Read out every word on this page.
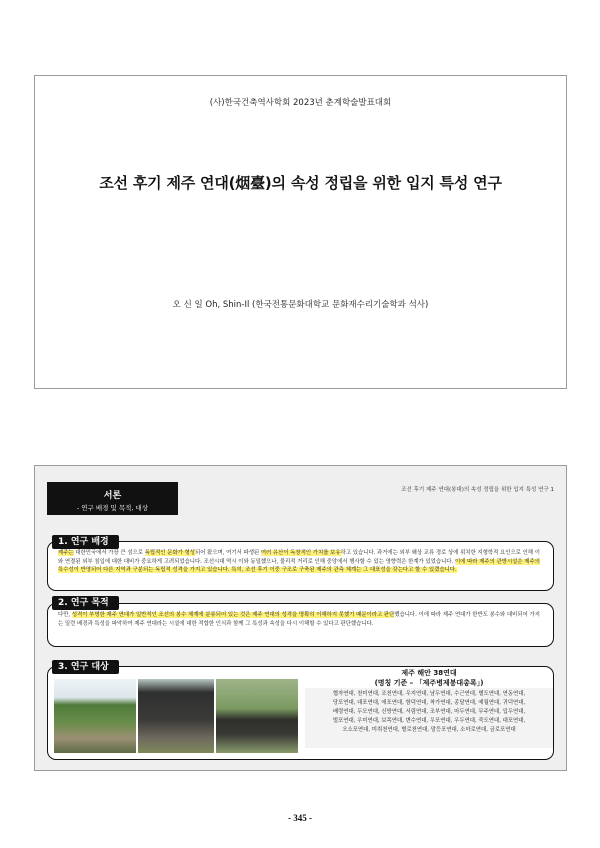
(사)한국건축역사학회 2023년 춘계학술발표대회
조선 후기 제주 연대(烟臺)의 속성 정립을 위한 입지 특성 연구
오 신 일 Oh, Shin-Il (한국전통문화대학교 문화재수리기술학과 석사)
서론
- 연구 배경 및 목적, 대상
조선 후기 제주 연대(봉대)의 속성 정립을 위한 입지 특성 연구 1
1. 연구 배경
제주는 대한민국에서 가장 큰 섬으로 독립적인 문화가 형성되어 왔으며, 여기서 파생된 여러 유산이 독창적인 가치를 보유하고 있습니다. 과거에는 외부 왜상 교류 경로 상에 위치한 지형학적 요인으로 인해 이와 연결된 외부 침입에 대한 대비가 중요하게 고려되었습니다. 조선시대 역시 이와 동일했으나, 물리적 거리로 인해 중앙에서 행사할 수 있는 영향력은 한계가 있었습니다. 이에 따라 제주의 관방시설은 제주의 특수성이 반영되어 다른 지역과 구분되는 독립적 성격을 가지고 있습니다. 특히, 조선 후기 이중 구조로 구축된 제주의 관측 체계는 그 대표성을 갖는다고 할 수 있겠습니다.
2. 연구 목적
다만, 성격이 부명한 제주 연대가 일반적인 조선의 봉수 체계에 분류되어 있는 것은 제주 연대의 성격을 명확히 이해하지 못했기 때문이라고 판단했습니다. 이에 따라 제주 연대가 한반도 봉수와 대비되어 가지는 일련 배경과 특성을 파악하여 제주 연대라는 시설에 대한 적합한 인식과 함께 그 특성과 속성을 다시 이해할 수 있다고 판단했습니다.
3. 연구 대상
제주 해안 38연대
(명칭 기준 – 「제주병제봉대총록」)
협자연대, 천미연대, 조천연대, 우지연대, 남두연대, 수근연대, 별도연대, 연동연대,
당포연대, 대포연대, 애포연대, 함덕연대, 착가연대, 종달연대, 예월연대, 귀덕연대,
배령연대, 두모연대, 신방연대, 서림연대, 조부연대, 마두연대, 무주연대, 입두연대,
벌포연대, 우미연대, 보목연대, 변수연대, 우포연대, 우두연대, 죽도연대, 대포연대,
오소포연대, 미취천연대, 별로천연대, 말등포연대, 소마로연대, 금로포연대
- 345 -
